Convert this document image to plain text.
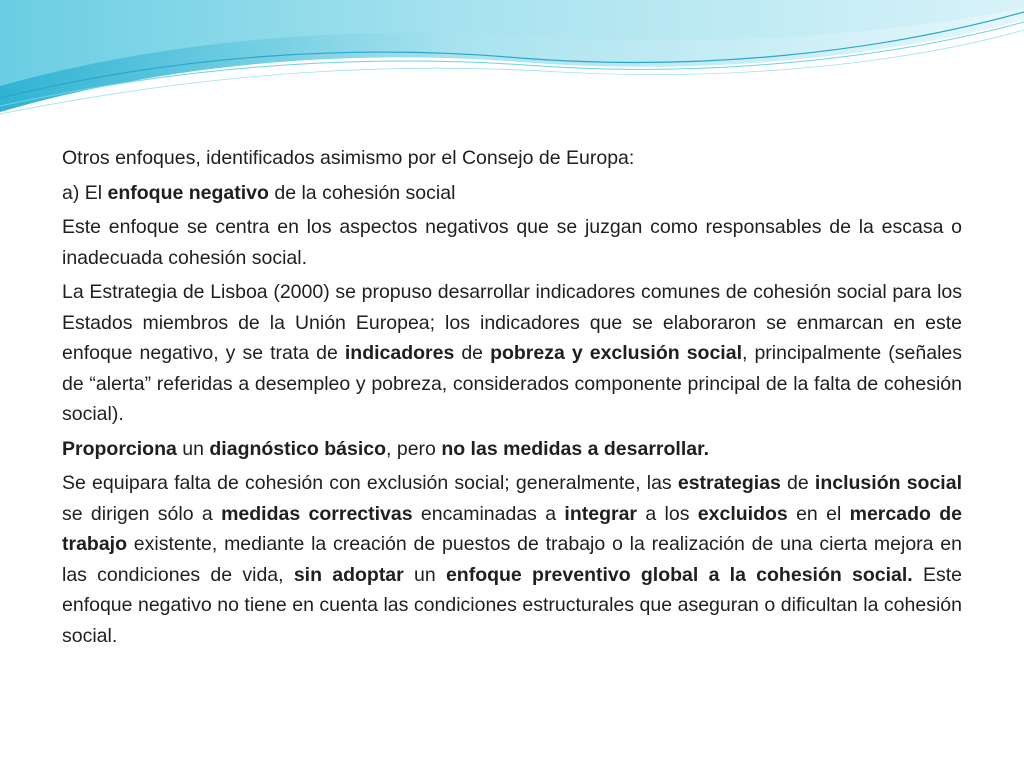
Otros enfoques, identificados asimismo por el Consejo de Europa:

a) El enfoque negativo de la cohesión social

Este enfoque se centra en los aspectos negativos que se juzgan como responsables de la escasa o inadecuada cohesión social.

La Estrategia de Lisboa (2000) se propuso desarrollar indicadores comunes de cohesión social para los Estados miembros de la Unión Europea; los indicadores que se elaboraron se enmarcan en este enfoque negativo, y se trata de indicadores de pobreza y exclusión social, principalmente (señales de “alerta” referidas a desempleo y pobreza, considerados componente principal de la falta de cohesión social).

Proporciona un diagnóstico básico, pero no las medidas a desarrollar.

Se equipara falta de cohesión con exclusión social; generalmente, las estrategias de inclusión social se dirigen sólo a medidas correctivas encaminadas a integrar a los excluidos en el mercado de trabajo existente, mediante la creación de puestos de trabajo o la realización de una cierta mejora en las condiciones de vida, sin adoptar un enfoque preventivo global a la cohesión social. Este enfoque negativo no tiene en cuenta las condiciones estructurales que aseguran o dificultan la cohesión social.
